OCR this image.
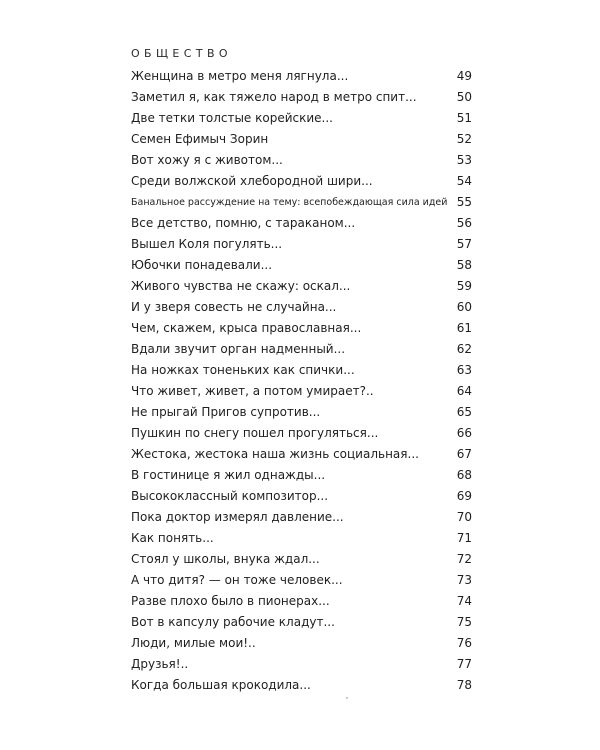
ОБЩЕСТВО
Женщина в метро меня лягнула...	49
Заметил я, как тяжело народ в метро спит...	50
Две тетки толстые корейские...	51
Семен Ефимыч Зорин	52
Вот хожу я с животом...	53
Среди волжской хлебородной шири...	54
Банальное рассуждение на тему: всепобеждающая сила идей 55
Все детство, помню, с тараканом...	56
Вышел Коля погулять...	57
Юбочки понадевали...	58
Живого чувства не скажу: оскал...	59
И у зверя совесть не случайна...	60
Чем, скажем, крыса православная...	61
Вдали звучит орган надменный...	62
На ножках тоненьких как спички...	63
Что живет, живет, а потом умирает?..	64
Не прыгай Пригов супротив...	65
Пушкин по снегу пошел прогуляться...	66
Жестока, жестока наша жизнь социальная...	67
В гостинице я жил однажды...	68
Высококлассный композитор...	69
Пока доктор измерял давление...	70
Как понять...	71
Стоял у школы, внука ждал...	72
А что дитя? — он тоже человек...	73
Разве плохо было в пионерах...	74
Вот в капсулу рабочие кладут...	75
Люди, милые мои!..	76
Друзья!..	77
Когда большая крокодила...	78
